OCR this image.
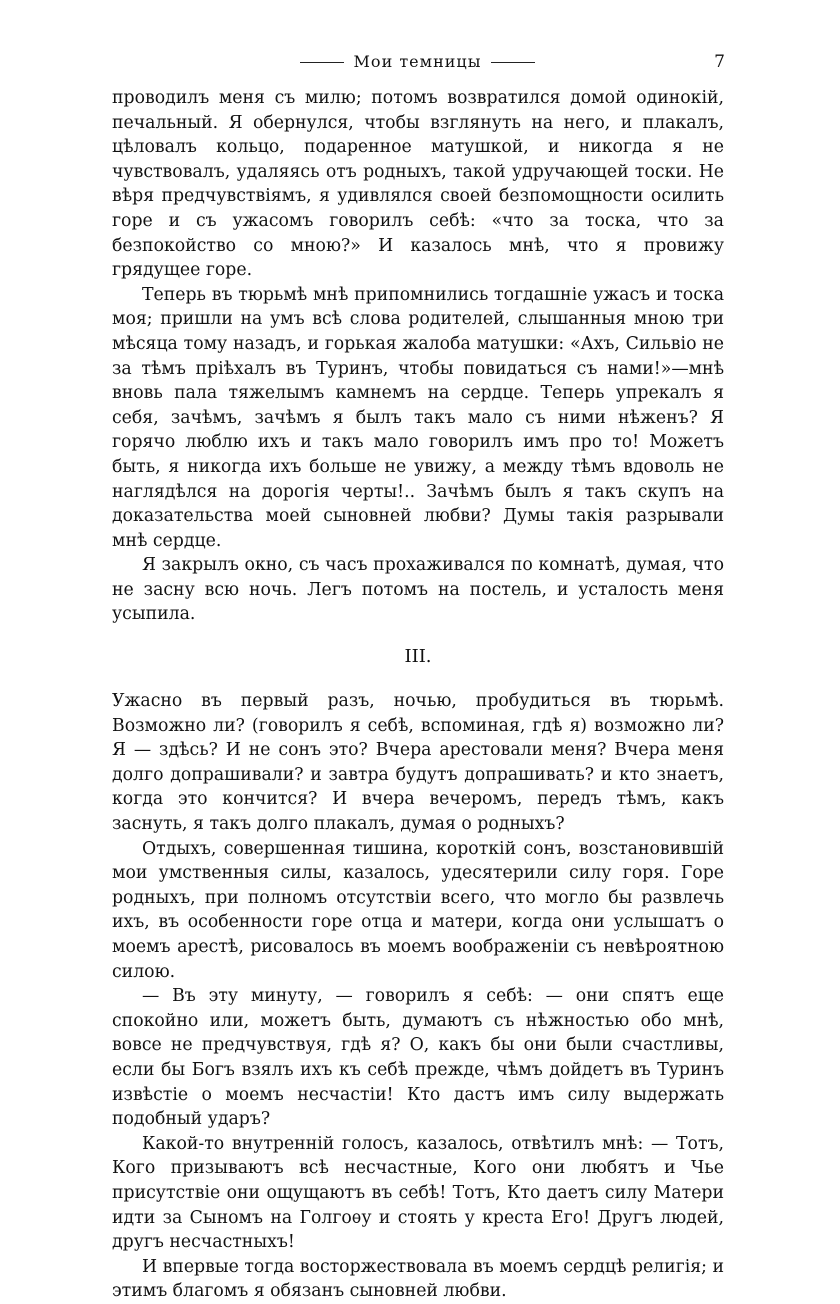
Мои темницы	7

проводилъ меня съ милю; потомъ возвратился домой одинокій, печальный. Я обернулся, чтобы взглянуть на него, и плакалъ, цѣловалъ кольцо, подаренное матушкой, и никогда я не чувствовалъ, удаляясь отъ родныхъ, такой удручающей тоски. Не вѣря предчувствіямъ, я удивлялся своей безпомощности осилить горе и съ ужасомъ говорилъ себѣ: «что за тоска, что за безпокойство со мною?» И казалось мнѣ, что я провижу грядущее горе.

Теперь въ тюрьмѣ мнѣ припомнились тогдашніе ужасъ и тоска моя; пришли на умъ всѣ слова родителей, слышанныя мною три мѣсяца тому назадъ, и горькая жалоба матушки: «Ахъ, Сильвіо не за тѣмъ пріѣхалъ въ Туринъ, чтобы повидаться съ нами!»—мнѣ вновь пала тяжелымъ камнемъ на сердце. Теперь упрекалъ я себя, зачѣмъ, зачѣмъ я былъ такъ мало съ ними нѣженъ? Я горячо люблю ихъ и такъ мало говорилъ имъ про то! Можетъ быть, я никогда ихъ больше не увижу, а между тѣмъ вдоволь не наглядѣлся на дорогія черты!.. Зачѣмъ былъ я такъ скупъ на доказательства моей сыновней любви? Думы такія разрывали мнѣ сердце.

Я закрылъ окно, съ часъ прохаживался по комнатѣ, думая, что не засну всю ночь. Легъ потомъ на постель, и усталость меня усыпила.

III.

Ужасно въ первый разъ, ночью, пробудиться въ тюрьмѣ. Возможно ли? (говорилъ я себѣ, вспоминая, гдѣ я) возможно ли? Я — здѣсь? И не сонъ это? Вчера арестовали меня? Вчера меня долго допрашивали? и завтра будутъ допрашивать? и кто знаетъ, когда это кончится? И вчера вечеромъ, передъ тѣмъ, какъ заснуть, я такъ долго плакалъ, думая о родныхъ?

Отдыхъ, совершенная тишина, короткій сонъ, возстановившій мои умственныя силы, казалось, удесятерили силу горя. Горе родныхъ, при полномъ отсутствіи всего, что могло бы развлечь ихъ, въ особенности горе отца и матери, когда они услышатъ о моемъ арестѣ, рисовалось въ моемъ воображеніи съ невѣроятною силою.

— Въ эту минуту, — говорилъ я себѣ: — они спятъ еще спокойно или, можетъ быть, думаютъ съ нѣжностью обо мнѣ, вовсе не предчувствуя, гдѣ я? О, какъ бы они были счастливы, если бы Богъ взялъ ихъ къ себѣ прежде, чѣмъ дойдетъ въ Туринъ извѣстіе о моемъ несчастіи! Кто дастъ имъ силу выдержать подобный ударъ?

Какой-то внутренній голосъ, казалось, отвѣтилъ мнѣ: — Тотъ, Кого призываютъ всѣ несчастные, Кого они любятъ и Чье присутствіе они ощущаютъ въ себѣ! Тотъ, Кто даетъ силу Матери идти за Сыномъ на Голгоѳу и стоять у креста Его! Другъ людей, другъ несчастныхъ!

И впервые тогда восторжествовала въ моемъ сердцѣ религія; и этимъ благомъ я обязанъ сыновней любви.
